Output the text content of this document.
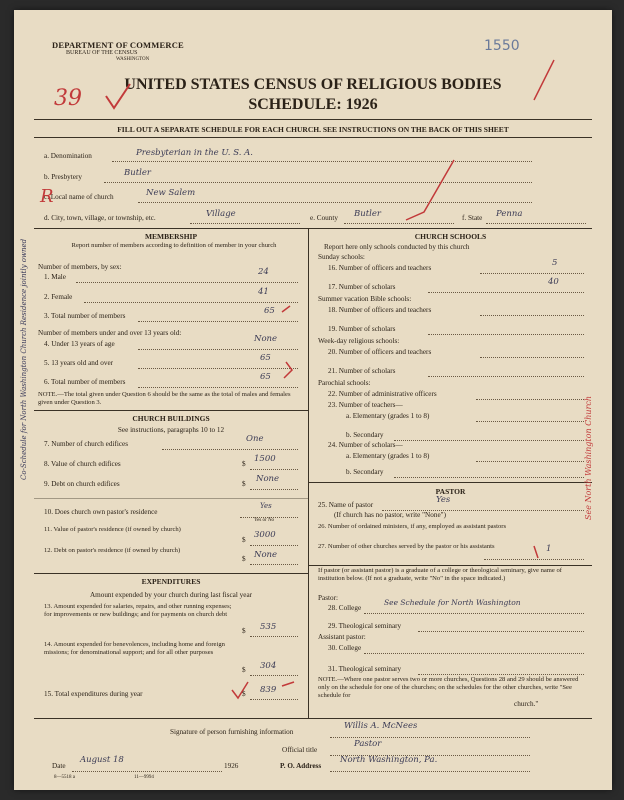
DEPARTMENT OF COMMERCE
BUREAU OF THE CENSUS
WASHINGTON
1550
UNITED STATES CENSUS OF RELIGIOUS BODIES
SCHEDULE: 1926
39
FILL OUT A SEPARATE SCHEDULE FOR EACH CHURCH. SEE INSTRUCTIONS ON THE BACK OF THIS SHEET
a. Denomination	Presbyterian in the U. S. A.
b. Presbytery	Butler
c. Local name of church	New Salem
d. City, town, village, or township, etc.	Village	e. County Butler	f. State Penna
MEMBERSHIP
Report number of members according to definition of member in your church
Number of members, by sex:
1. Male	24
2. Female	41
3. Total number of members	65
Number of members under and over 13 years old:
4. Under 13 years of age	None
5. 13 years old and over	65
6. Total number of members	65
NOTE.—The total given under Question 6 should be the same as the total of males and females given under Question 3.
CHURCH BUILDINGS
See instructions, paragraphs 10 to 12
7. Number of church edifices	One
8. Value of church edifices	$ 1500
9. Debt on church edifices	$ None
10. Does church own pastor's residence
Yes
Yes or No
11. Value of pastor's residence (if owned by church)
$ 3000
12. Debt on pastor's residence (if owned by church)
$ None
EXPENDITURES
Amount expended by your church during last fiscal year
13. Amount expended for salaries, repairs, and other running expenses; for improvements or new buildings; and for payments on church debt
$ 535
14. Amount expended for benevolences, including home and foreign missions; for denominational support; and for all other purposes
$ 304
15. Total expenditures during year	$ 839
CHURCH SCHOOLS
Report here only schools conducted by this church
Sunday schools:
16. Number of officers and teachers	5
17. Number of scholars	40
Summer vacation Bible schools:
18. Number of officers and teachers
19. Number of scholars
Week-day religious schools:
20. Number of officers and teachers
21. Number of scholars
Parochial schools:
22. Number of administrative officers
23. Number of teachers—
a. Elementary (grades 1 to 8)
b. Secondary
24. Number of scholars—
a. Elementary (grades 1 to 8)
b. Secondary
PASTOR
25. Name of pastor	Yes
(If church has no pastor, write "None")
26. Number of ordained ministers, if any, employed as assistant pastors
27. Number of other churches served by the pastor or his assistants	1
If pastor (or assistant pastor) is a graduate of a college or theological seminary, give name of institution below. (If not a graduate, write "No" in the space indicated.)
Pastor:
28. College
See Schedule for North Washington
29. Theological seminary
Assistant pastor:
30. College
31. Theological seminary
NOTE.—Where one pastor serves two or more churches, Questions 28 and 29 should be answered only on the schedule for one of the churches; on the schedules for the other churches, write "See schedule for
church."
Signature of person furnishing information
Willis A. McNees
Official title
Pastor
Date
August 18
1926	P. O. Address
North Washington, Pa.
8—5518 a	11—9994
Co-Schedule for North Washington Church Residence jointly owned	See North Washington Church
R
